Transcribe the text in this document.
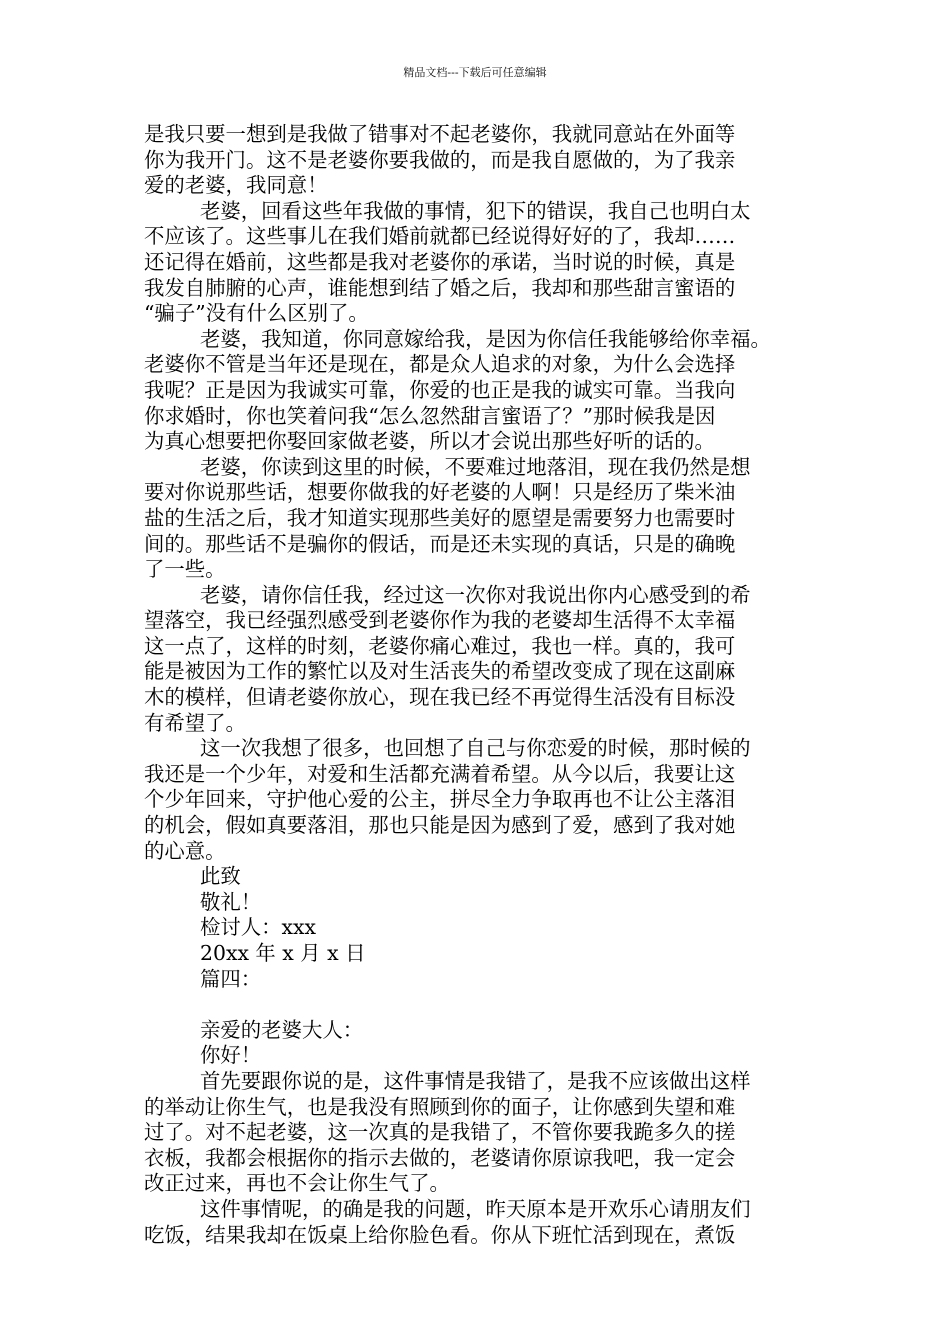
精品文档---下载后可任意编辑
是我只要一想到是我做了错事对不起老婆你，我就同意站在外面等
你为我开门。这不是老婆你要我做的，而是我自愿做的，为了我亲
爱的老婆，我同意！
老婆，回看这些年我做的事情，犯下的错误，我自己也明白太
不应该了。这些事儿在我们婚前就都已经说得好好的了，我却……
还记得在婚前，这些都是我对老婆你的承诺，当时说的时候，真是
我发自肺腑的心声，谁能想到结了婚之后，我却和那些甜言蜜语的
“骗子”没有什么区别了。
老婆，我知道，你同意嫁给我，是因为你信任我能够给你幸福。
老婆你不管是当年还是现在，都是众人追求的对象，为什么会选择
我呢？正是因为我诚实可靠，你爱的也正是我的诚实可靠。当我向
你求婚时，你也笑着问我“怎么忽然甜言蜜语了？”那时候我是因
为真心想要把你娶回家做老婆，所以才会说出那些好听的话的。
老婆，你读到这里的时候，不要难过地落泪，现在我仍然是想
要对你说那些话，想要你做我的好老婆的人啊！只是经历了柴米油
盐的生活之后，我才知道实现那些美好的愿望是需要努力也需要时
间的。那些话不是骗你的假话，而是还未实现的真话，只是的确晚
了一些。
老婆，请你信任我，经过这一次你对我说出你内心感受到的希
望落空，我已经强烈感受到老婆你作为我的老婆却生活得不太幸福
这一点了，这样的时刻，老婆你痛心难过，我也一样。真的，我可
能是被因为工作的繁忙以及对生活丧失的希望改变成了现在这副麻
木的模样，但请老婆你放心，现在我已经不再觉得生活没有目标没
有希望了。
这一次我想了很多，也回想了自己与你恋爱的时候，那时候的
我还是一个少年，对爱和生活都充满着希望。从今以后，我要让这
个少年回来，守护他心爱的公主，拼尽全力争取再也不让公主落泪
的机会，假如真要落泪，那也只能是因为感到了爱，感到了我对她
的心意。
此致
敬礼！
检讨人：xxx
20xx 年 x 月 x 日
篇四：
亲爱的老婆大人：
你好！
首先要跟你说的是，这件事情是我错了，是我不应该做出这样
的举动让你生气，也是我没有照顾到你的面子，让你感到失望和难
过了。对不起老婆，这一次真的是我错了，不管你要我跪多久的搓
衣板，我都会根据你的指示去做的，老婆请你原谅我吧，我一定会
改正过来，再也不会让你生气了。
这件事情呢，的确是我的问题，昨天原本是开欢乐心请朋友们
吃饭，结果我却在饭桌上给你脸色看。你从下班忙活到现在，煮饭
